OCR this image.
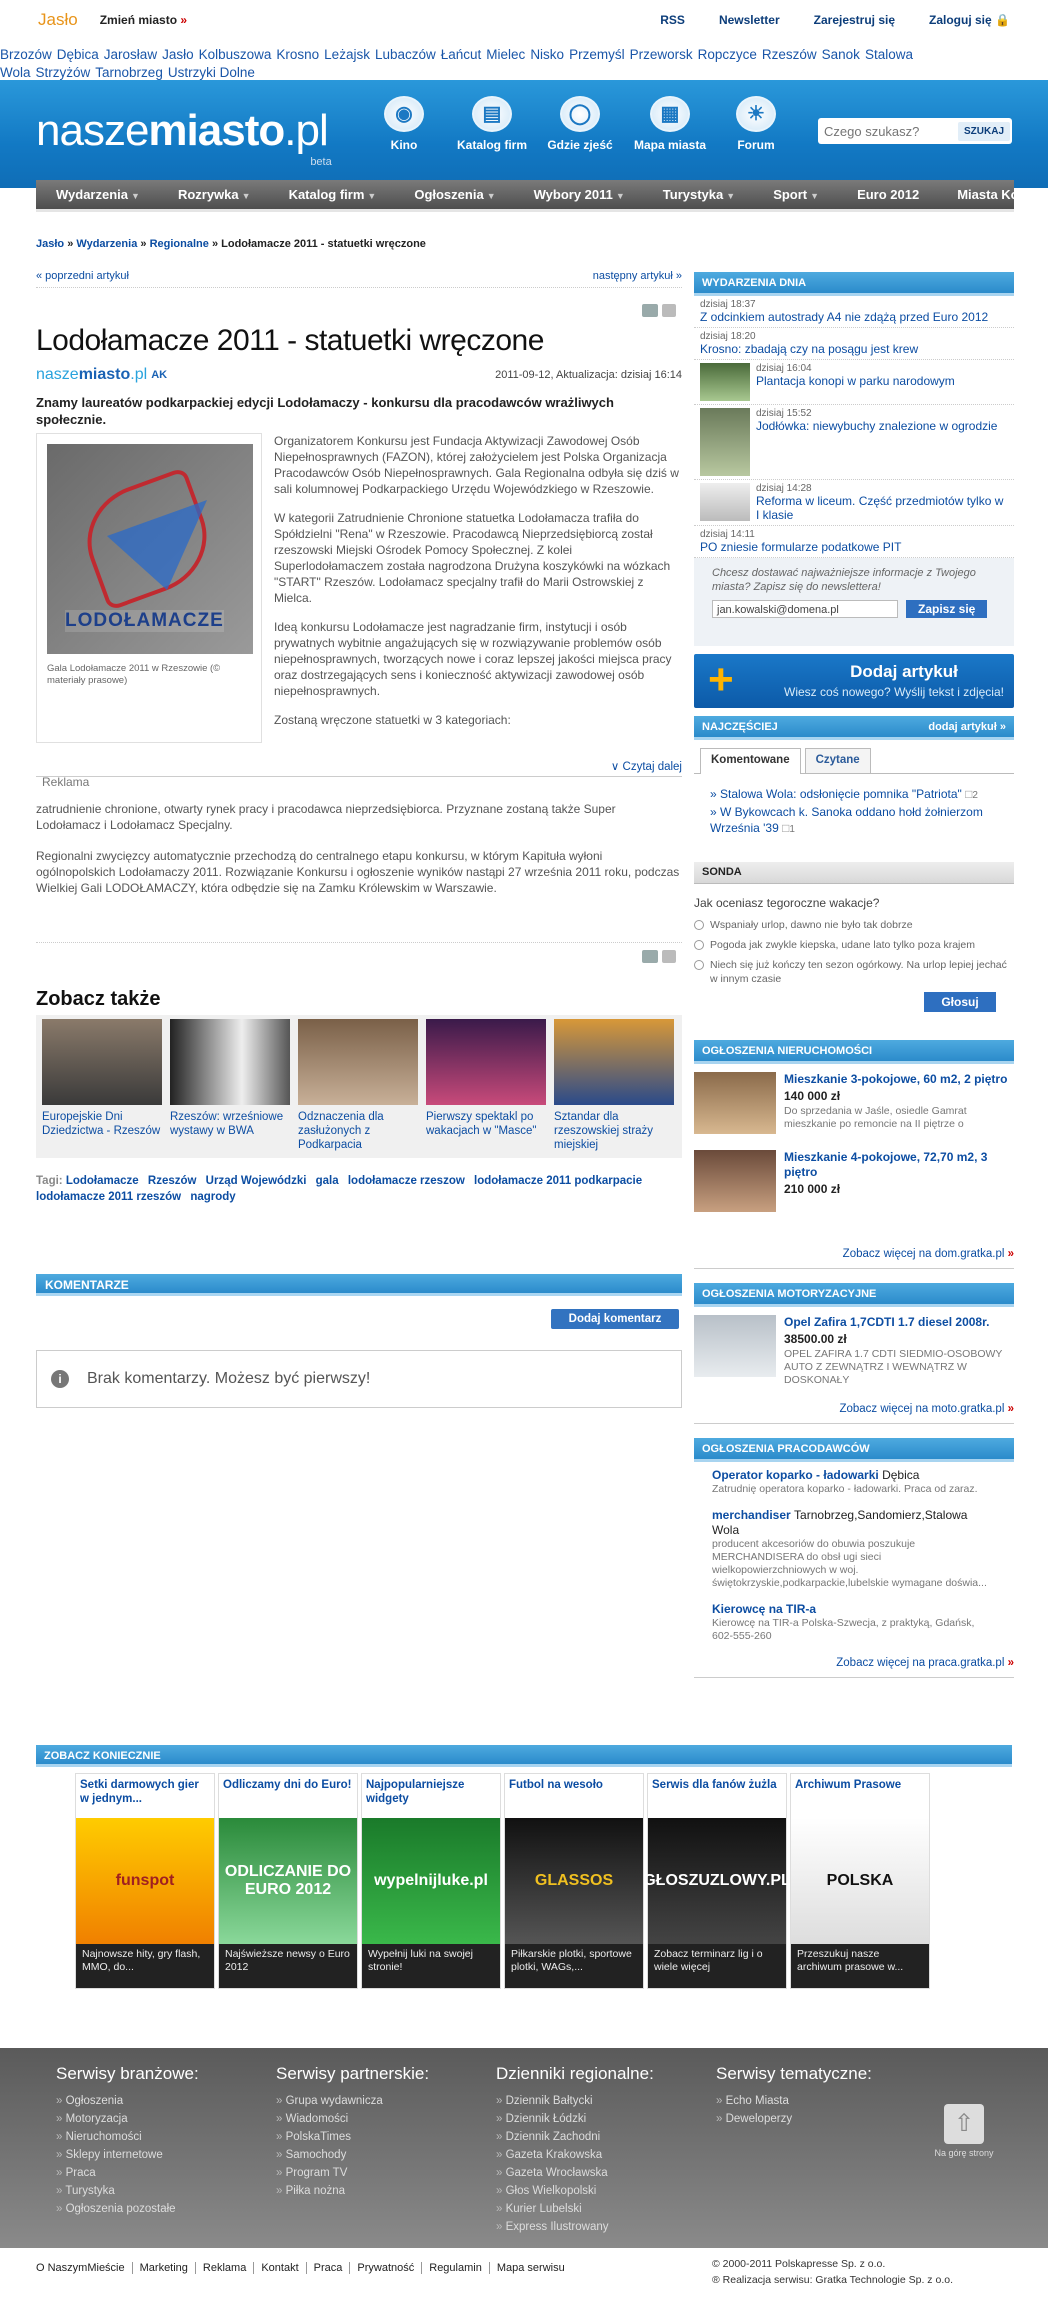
Jasło Zmień miasto »	RSS	Newsletter	Zarejestruj się	Zaloguj się 🔒
Brzozów Dębica Jarosław Jasło Kolbuszowa Krosno Leżajsk Lubaczów Łańcut Mielec Nisko Przemyśl Przeworsk Ropczyce Rzeszów Sanok Stalowa Wola Strzyżów Tarnobrzeg Ustrzyki Dolne
naszemiasto.pl
beta
◉
Kino
▤
Katalog firm
◯
Gdzie zjeść
▦
Mapa miasta
☀
Forum
Czego szukasz?
SZUKAJ
Wydarzenia ▼	Rozrywka ▼	Katalog firm ▼	Ogłoszenia ▼	Wybory 2011 ▼	Turystyka ▼	Sport ▼	Euro 2012	Miasta Kobiet
Jasło » Wydarzenia » Regionalne » Lodołamacze 2011 - statuetki wręczone
« poprzedni artykuł	następny artykuł »
Lodołamacze 2011 - statuetki wręczone
naszemiasto.pl AK	2011-09-12, Aktualizacja: dzisiaj 16:14
Znamy laureatów podkarpackiej edycji Lodołamaczy - konkursu dla pracodawców wrażliwych społecznie.
LODOŁAMACZE
Gala Lodołamacze 2011 w Rzeszowie (© materiały prasowe)

Organizatorem Konkursu jest Fundacja Aktywizacji Zawodowej Osób Niepełnosprawnych (FAZON), której założycielem jest Polska Organizacja Pracodawców Osób Niepełnosprawnych. Gala Regionalna odbyła się dziś w sali kolumnowej Podkarpackiego Urzędu Wojewódzkiego w Rzeszowie.

W kategorii Zatrudnienie Chronione statuetka Lodołamacza trafiła do Spółdzielni "Rena" w Rzeszowie. Pracodawcą Nieprzedsiębiorcą został rzeszowski Miejski Ośrodek Pomocy Społecznej. Z kolei Superlodołamaczem została nagrodzona Drużyna koszykówki na wózkach "START" Rzeszów. Lodołamacz specjalny trafił do Marii Ostrowskiej z Mielca.

Ideą konkursu Lodołamacze jest nagradzanie firm, instytucji i osób prywatnych wybitnie angażujących się w rozwiązywanie problemów osób niepełnosprawnych, tworzących nowe i coraz lepszej jakości miejsca pracy oraz dostrzegających sens i konieczność aktywizacji zawodowej osób niepełnosprawnych.

Zostaną wręczone statuetki w 3 kategoriach:

∨ Czytaj dalej
Reklama

zatrudnienie chronione, otwarty rynek pracy i pracodawca nieprzedsiębiorca. Przyznane zostaną także Super Lodołamacz i Lodołamacz Specjalny.

Regionalni zwycięzcy automatycznie przechodzą do centralnego etapu konkursu, w którym Kapituła wyłoni ogólnopolskich Lodołamaczy 2011. Rozwiązanie Konkursu i ogłoszenie wyników nastąpi 27 września 2011 roku, podczas Wielkiej Gali LODOŁAMACZY, która odbędzie się na Zamku Królewskim w Warszawie.

Zobacz także
Europejskie Dni Dziedzictwa - Rzeszów
Rzeszów: wrześniowe wystawy w BWA
Odznaczenia dla zasłużonych z Podkarpacia
Pierwszy spektakl po wakacjach w "Masce"
Sztandar dla rzeszowskiej straży miejskiej
Tagi: Lodołamacze Rzeszów Urząd Wojewódzki gala lodołamacze rzeszow lodołamacze 2011 podkarpacie lodołamacze 2011 rzeszów nagrody
KOMENTARZE
Dodaj komentarz
i	Brak komentarzy. Możesz być pierwszy!
WYDARZENIA DNIA
dzisiaj 18:37
Z odcinkiem autostrady A4 nie zdążą przed Euro 2012
dzisiaj 18:20
Krosno: zbadają czy na posągu jest krew
dzisiaj 16:04
Plantacja konopi w parku narodowym
dzisiaj 15:52
Jodłówka: niewybuchy znalezione w ogrodzie
dzisiaj 14:28
Reforma w liceum. Część przedmiotów tylko w I klasie
dzisiaj 14:11
PO zniesie formularze podatkowe PIT
Chcesz dostawać najważniejsze informacje z Twojego miasta? Zapisz się do newslettera!
jan.kowalski@domena.pl	Zapisz się
+	Dodaj artykuł
Wiesz coś nowego? Wyślij tekst i zdjęcia!
NAJCZĘŚCIEJ	dodaj artykuł »
Komentowane	Czytane
» Stalowa Wola: odsłonięcie pomnika "Patriota" □2
» W Bykowcach k. Sanoka oddano hołd żołnierzom Września '39 □1
SONDA
Jak oceniasz tegoroczne wakacje?
Wspaniały urlop, dawno nie było tak dobrze
Pogoda jak zwykle kiepska, udane lato tylko poza krajem
Niech się już kończy ten sezon ogórkowy. Na urlop lepiej jechać w innym czasie
Głosuj
OGŁOSZENIA NIERUCHOMOŚCI
Mieszkanie 3-pokojowe, 60 m2, 2 piętro
140 000 zł
Do sprzedania w Jaśle, osiedle Gamrat mieszkanie po remoncie na II piętrze o
Mieszkanie 4-pokojowe, 72,70 m2, 3 piętro
210 000 zł
Zobacz więcej na dom.gratka.pl »
OGŁOSZENIA MOTORYZACYJNE
Opel Zafira 1,7CDTI 1.7 diesel 2008r.
38500.00 zł
OPEL ZAFIRA 1.7 CDTI SIEDMIO-OSOBOWY AUTO Z ZEWNĄTRZ I WEWNĄTRZ W DOSKONAŁY
Zobacz więcej na moto.gratka.pl »
OGŁOSZENIA PRACODAWCÓW
Operator koparko - ładowarki Dębica
Zatrudnię operatora koparko - ładowarki. Praca od zaraz.
merchandiser Tarnobrzeg,Sandomierz,Stalowa Wola
producent akcesoriów do obuwia poszukuje MERCHANDISERA do obsł ugi sieci wielkopowierzchniowych w woj. świętokrzyskie,podkarpackie,lubelskie wymagane doświa...
Kierowcę na TIR-a
Kierowcę na TIR-a Polska-Szwecja, z praktyką, Gdańsk, 602-555-260
Zobacz więcej na praca.gratka.pl »
ZOBACZ KONIECZNIE
Setki darmowych gier w jednym...
funspot
Najnowsze hity, gry flash, MMO, do...
Odliczamy dni do Euro!
ODLICZANIE DO EURO 2012
Najświeższe newsy o Euro 2012
Najpopularniejsze widgety
wypelnijluke.pl
Wypełnij luki na swojej stronie!
Futbol na wesoło
GLASSOS
Piłkarskie plotki, sportowe plotki, WAGs,...
Serwis dla fanów żużla
GŁOSZUZLOWY.PL
Zobacz terminarz lig i o wiele więcej
Archiwum Prasowe
POLSKA
Przeszukuj nasze archiwum prasowe w...
⇧
Na górę strony
Serwisy branżowe:
» Ogłoszenia
» Motoryzacja
» Nieruchomości
» Sklepy internetowe
» Praca
» Turystyka
» Ogłoszenia pozostałe
Serwisy partnerskie:
» Grupa wydawnicza
» Wiadomości
» PolskaTimes
» Samochody
» Program TV
» Piłka nożna
Dzienniki regionalne:
» Dziennik Bałtycki
» Dziennik Łódzki
» Dziennik Zachodni
» Gazeta Krakowska
» Gazeta Wrocławska
» Głos Wielkopolski
» Kurier Lubelski
» Express Ilustrowany
Serwisy tematyczne:
» Echo Miasta
» Deweloperzy
O NaszymMieście Marketing Reklama Kontakt Praca Prywatność Regulamin Mapa serwisu	© 2000-2011 Polskapresse Sp. z o.o.
® Realizacja serwisu: Gratka Technologie Sp. z o.o.
